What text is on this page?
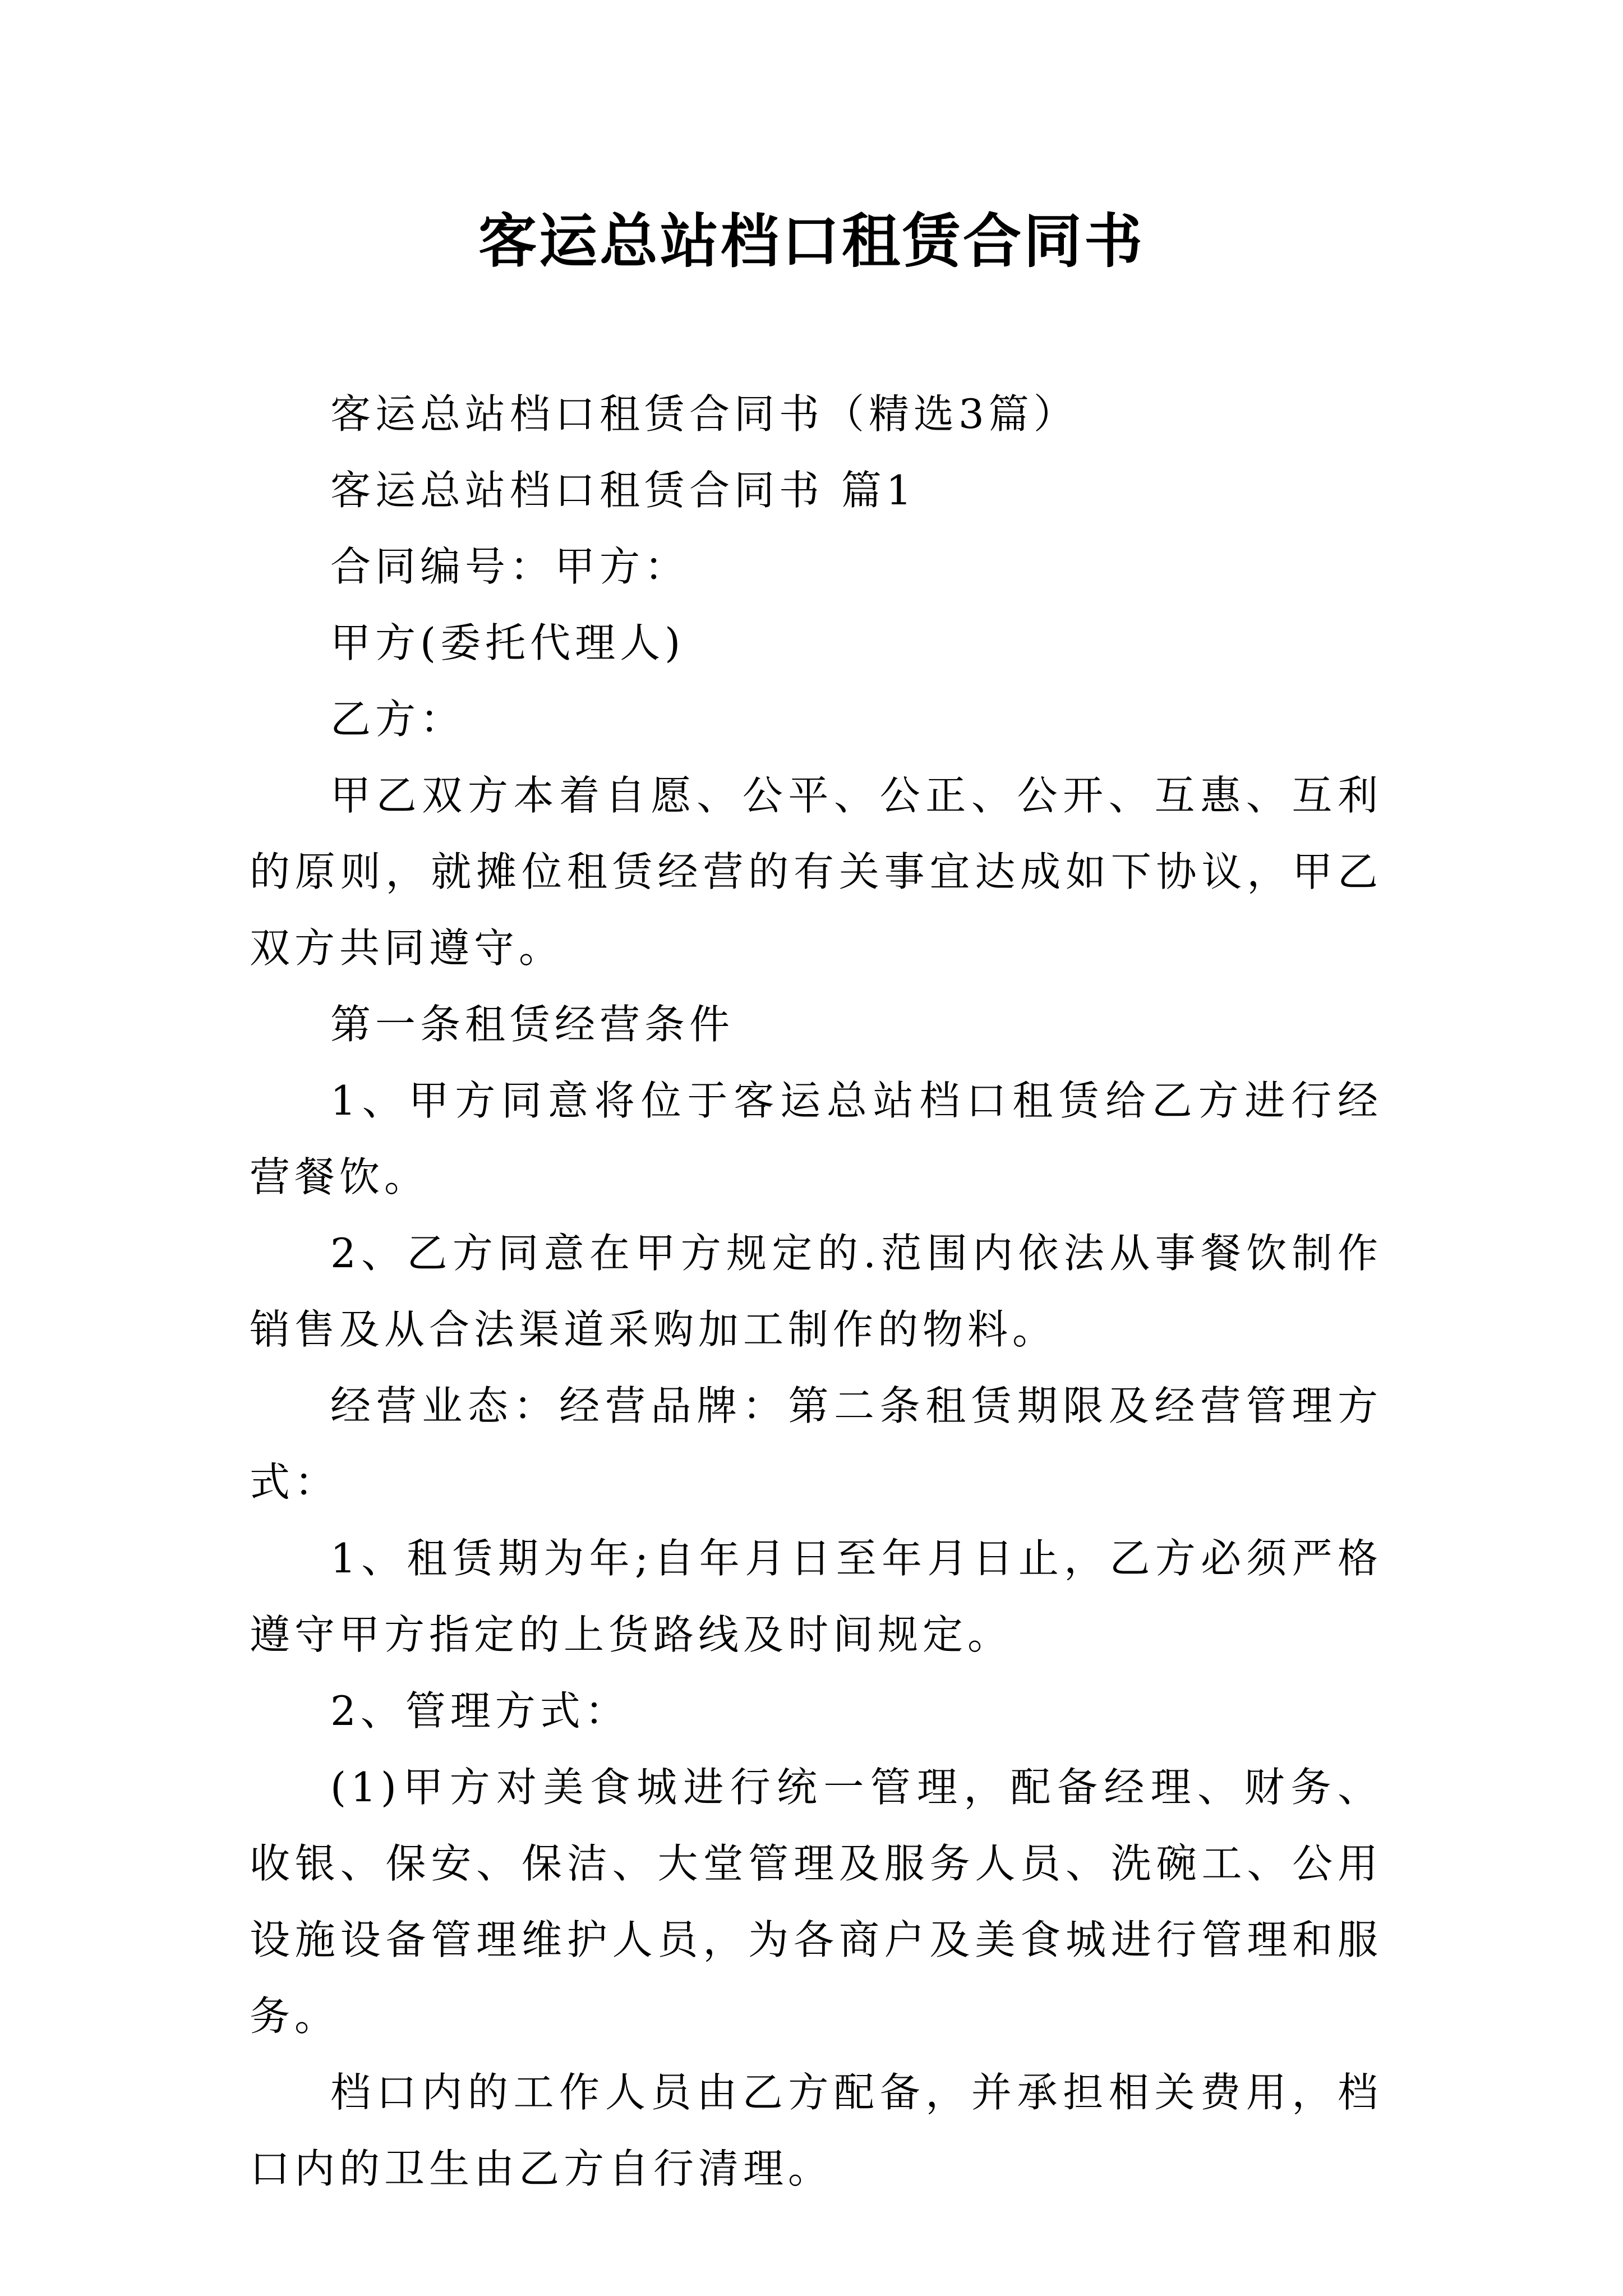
客运总站档口租赁合同书

客运总站档口租赁合同书（精选3篇）

客运总站档口租赁合同书 篇1

合同编号：甲方：

甲方(委托代理人)

乙方：

甲乙双方本着自愿、公平、公正、公开、互惠、互利的原则，就摊位租赁经营的有关事宜达成如下协议，甲乙双方共同遵守。

第一条租赁经营条件

1、甲方同意将位于客运总站档口租赁给乙方进行经营餐饮。

2、乙方同意在甲方规定的.范围内依法从事餐饮制作销售及从合法渠道采购加工制作的物料。

经营业态：经营品牌：第二条租赁期限及经营管理方式：

1、租赁期为年;自年月日至年月日止，乙方必须严格遵守甲方指定的上货路线及时间规定。

2、管理方式：

(1)甲方对美食城进行统一管理，配备经理、财务、收银、保安、保洁、大堂管理及服务人员、洗碗工、公用设施设备管理维护人员，为各商户及美食城进行管理和服务。

档口内的工作人员由乙方配备，并承担相关费用，档口内的卫生由乙方自行清理。
